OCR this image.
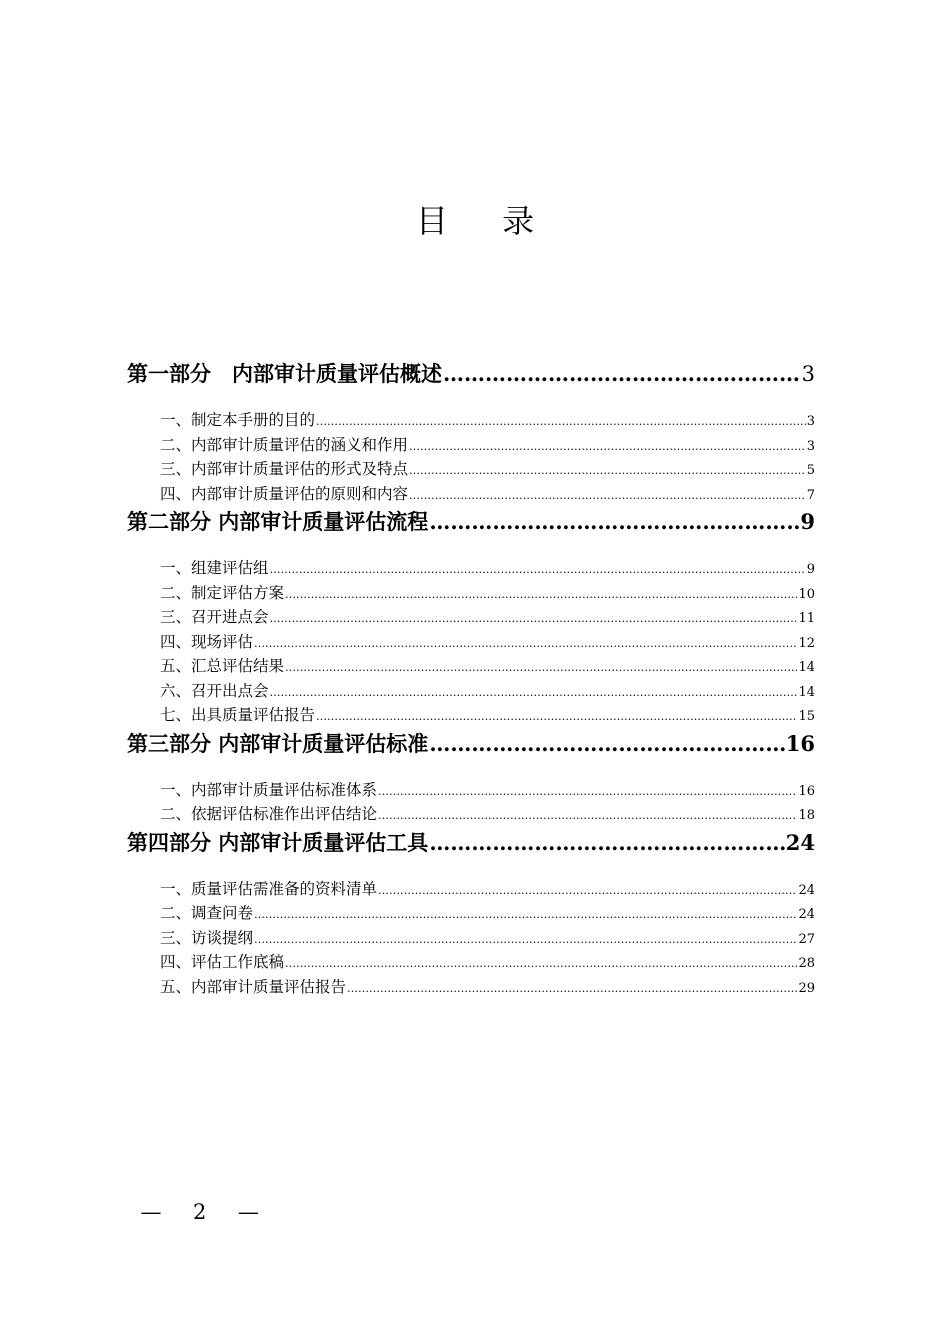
目 录
第一部分　内部审计质量评估概述 ……………………………………………………………………………………………………………………………………………………………………………………………………………………	3
一、制定本手册的目的 ……………………………………………………………………………………………………………………………………………………………………………………………………………………	3
二、内部审计质量评估的涵义和作用 ……………………………………………………………………………………………………………………………………………………………………………………………………………………	3
三、内部审计质量评估的形式及特点 ……………………………………………………………………………………………………………………………………………………………………………………………………………………	5
四、内部审计质量评估的原则和内容 ……………………………………………………………………………………………………………………………………………………………………………………………………………………	7
第二部分 内部审计质量评估流程 ……………………………………………………………………………………………………………………………………………………………………………………………………………………	9
一、组建评估组 ……………………………………………………………………………………………………………………………………………………………………………………………………………………	9
二、制定评估方案 ……………………………………………………………………………………………………………………………………………………………………………………………………………………	10
三、召开进点会 ……………………………………………………………………………………………………………………………………………………………………………………………………………………	11
四、现场评估 ……………………………………………………………………………………………………………………………………………………………………………………………………………………	12
五、汇总评估结果 ……………………………………………………………………………………………………………………………………………………………………………………………………………………	14
六、召开出点会 ……………………………………………………………………………………………………………………………………………………………………………………………………………………	14
七、出具质量评估报告 ……………………………………………………………………………………………………………………………………………………………………………………………………………………	15
第三部分 内部审计质量评估标准 ……………………………………………………………………………………………………………………………………………………………………………………………………………………	16
一、内部审计质量评估标准体系 ……………………………………………………………………………………………………………………………………………………………………………………………………………………	16
二、依据评估标准作出评估结论 ……………………………………………………………………………………………………………………………………………………………………………………………………………………	18
第四部分 内部审计质量评估工具 ……………………………………………………………………………………………………………………………………………………………………………………………………………………	24
一、质量评估需准备的资料清单 ……………………………………………………………………………………………………………………………………………………………………………………………………………………	24
二、调查问卷 ……………………………………………………………………………………………………………………………………………………………………………………………………………………	24
三、访谈提纲 ……………………………………………………………………………………………………………………………………………………………………………………………………………………	27
四、评估工作底稿 ……………………………………………………………………………………………………………………………………………………………………………………………………………………	28
五、内部审计质量评估报告 ……………………………………………………………………………………………………………………………………………………………………………………………………………………	29
— 2 —
